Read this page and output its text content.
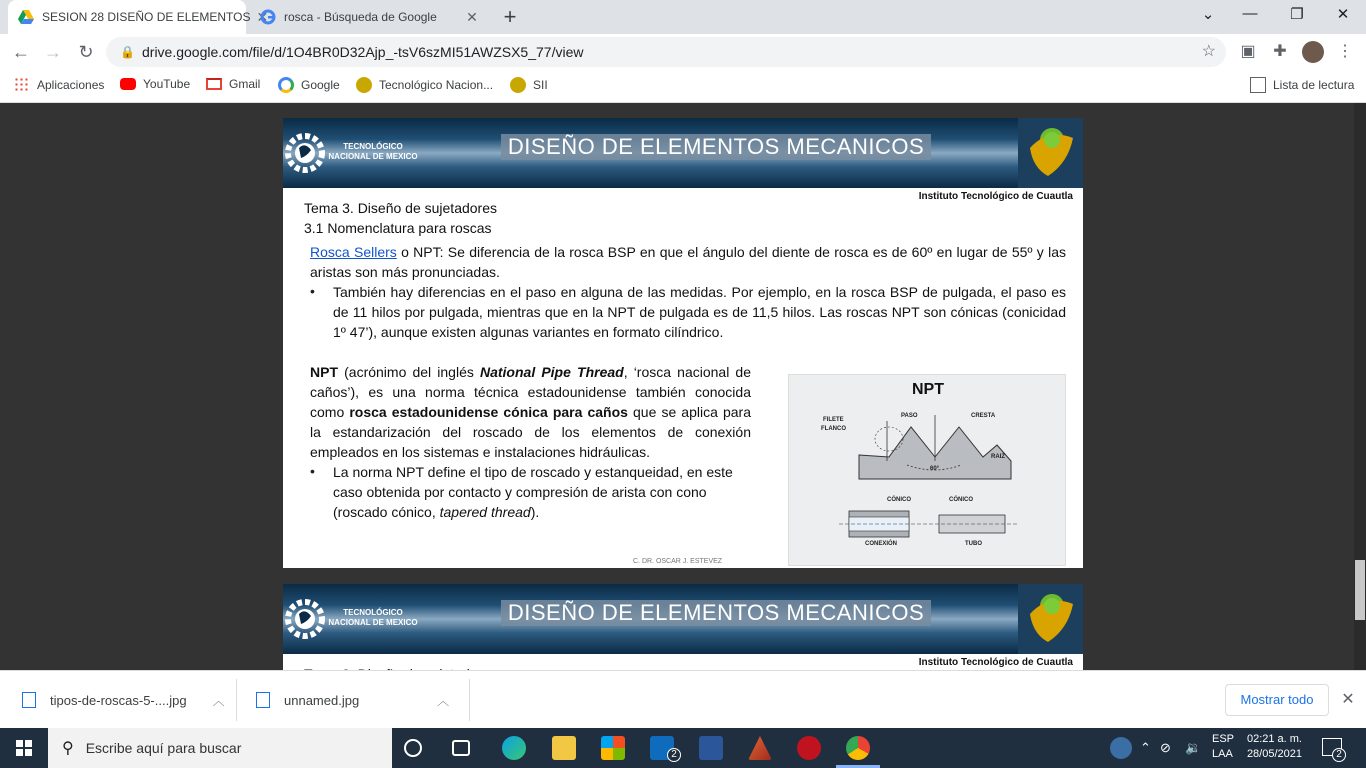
SESION 28 DISEÑO DE ELEMENTOS ✕ rosca - Búsqueda de Google	✕ +	⌄ — ❐ ✕
← → ↻	🔒 drive.google.com/file/d/1O4BR0D32Ajp_-tsV6szMI51AWZSX5_77/view	☆ ▣ ✚	⋮
Aplicaciones	YouTube	Gmail	Google	Tecnológico Nacion...	SII	Lista de lectura
TECNOLÓGICO
NACIONAL DE MEXICO	DISEÑO DE ELEMENTOS MECANICOS
Instituto Tecnológico de Cuautla
Tema 3. Diseño de sujetadores
3.1 Nomenclatura para roscas
Rosca Sellers o NPT: Se diferencia de la rosca BSP en que el ángulo del diente de rosca es de 60º en lugar de 55º y las aristas son más pronunciadas.
• También hay diferencias en el paso en alguna de las medidas. Por ejemplo, en la rosca BSP de pulgada, el paso es de 11 hilos por pulgada, mientras que en la NPT de pulgada es de 11,5 hilos. Las roscas NPT son cónicas (conicidad 1º 47’), aunque existen algunas variantes en formato cilíndrico.
NPT (acrónimo del inglés National Pipe Thread, ‘rosca nacional de caños’), es una norma técnica estadounidense también conocida como rosca estadounidense cónica para caños que se aplica para la estandarización del roscado de los elementos de conexión empleados en los sistemas e instalaciones hidráulicas.
• La norma NPT define el tipo de roscado y estanqueidad, en este caso obtenida por contacto y compresión de arista con cono (roscado cónico, tapered thread).
C. DR. OSCAR J. ESTEVEZ
NPT
FILETE
FLANCO
PASO	CRESTA
RAIZ
60°
CÓNICO	CÓNICO
CONEXIÓN	TUBO
TECNOLÓGICO
NACIONAL DE MEXICO	DISEÑO DE ELEMENTOS MECANICOS
Instituto Tecnológico de Cuautla
tipos-de-roscas-5-....jpg ︿	unnamed.jpg	︿	Mostrar todo	✕
⚲ Escribe aquí para buscar	2	⌃ ⊘ 🔉
ESP
LAA
02:21 a. m.
28/05/2021	2
